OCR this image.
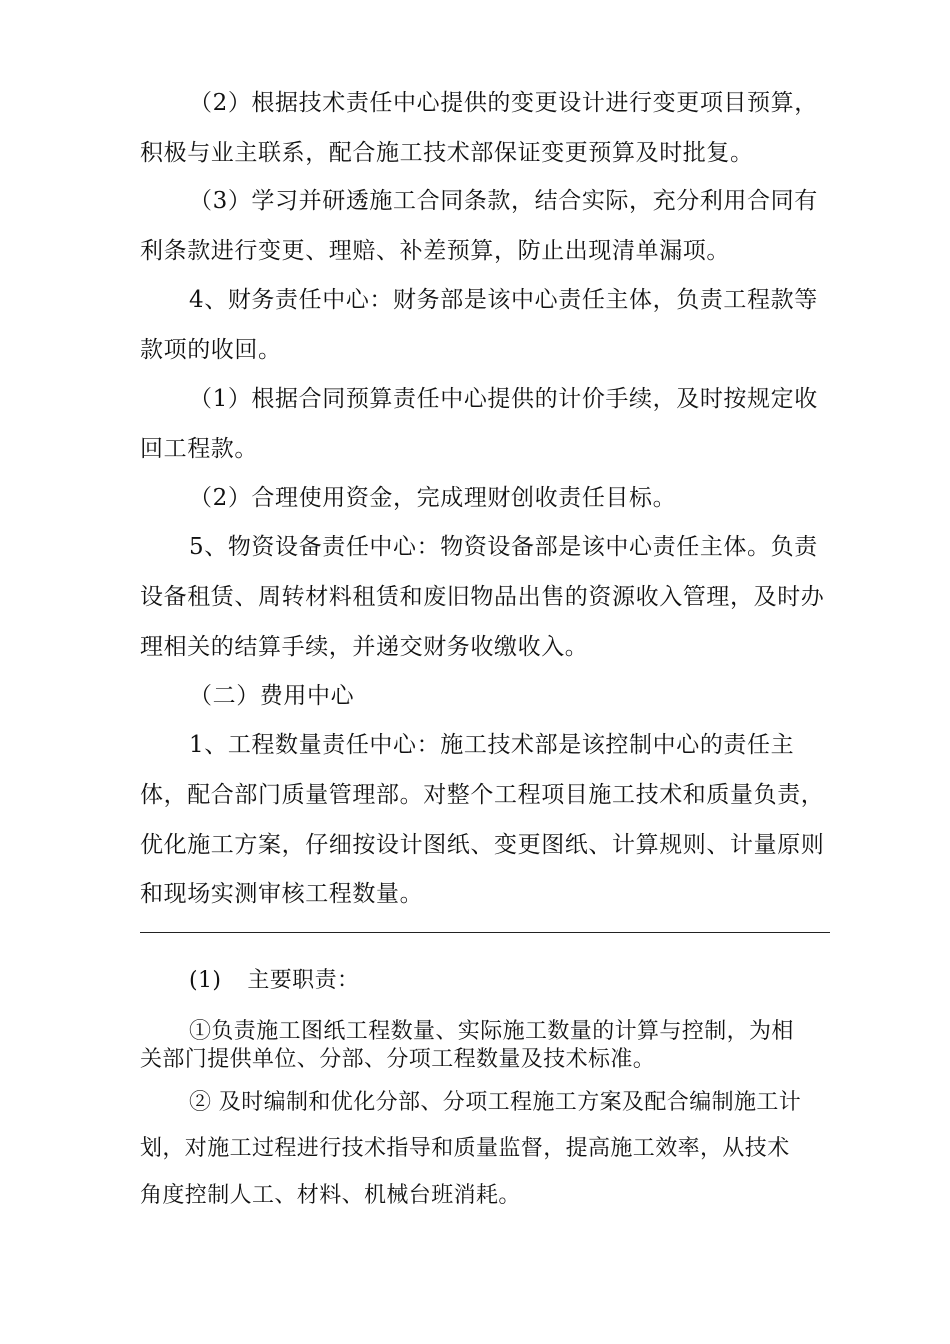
（2）根据技术责任中心提供的变更设计进行变更项目预算，
积极与业主联系，配合施工技术部保证变更预算及时批复。
（3）学习并研透施工合同条款，结合实际，充分利用合同有
利条款进行变更、理赔、补差预算，防止出现清单漏项。
4、财务责任中心：财务部是该中心责任主体，负责工程款等
款项的收回。
（1）根据合同预算责任中心提供的计价手续，及时按规定收
回工程款。
（2）合理使用资金，完成理财创收责任目标。
5、物资设备责任中心：物资设备部是该中心责任主体。负责
设备租赁、周转材料租赁和废旧物品出售的资源收入管理，及时办
理相关的结算手续，并递交财务收缴收入。
（二）费用中心
1、工程数量责任中心：施工技术部是该控制中心的责任主
体，配合部门质量管理部。对整个工程项目施工技术和质量负责，
优化施工方案，仔细按设计图纸、变更图纸、计算规则、计量原则
和现场实测审核工程数量。
(1) 主要职责：
①负责施工图纸工程数量、实际施工数量的计算与控制，为相
关部门提供单位、分部、分项工程数量及技术标准。
② 及时编制和优化分部、分项工程施工方案及配合编制施工计
划，对施工过程进行技术指导和质量监督，提高施工效率，从技术
角度控制人工、材料、机械台班消耗。
